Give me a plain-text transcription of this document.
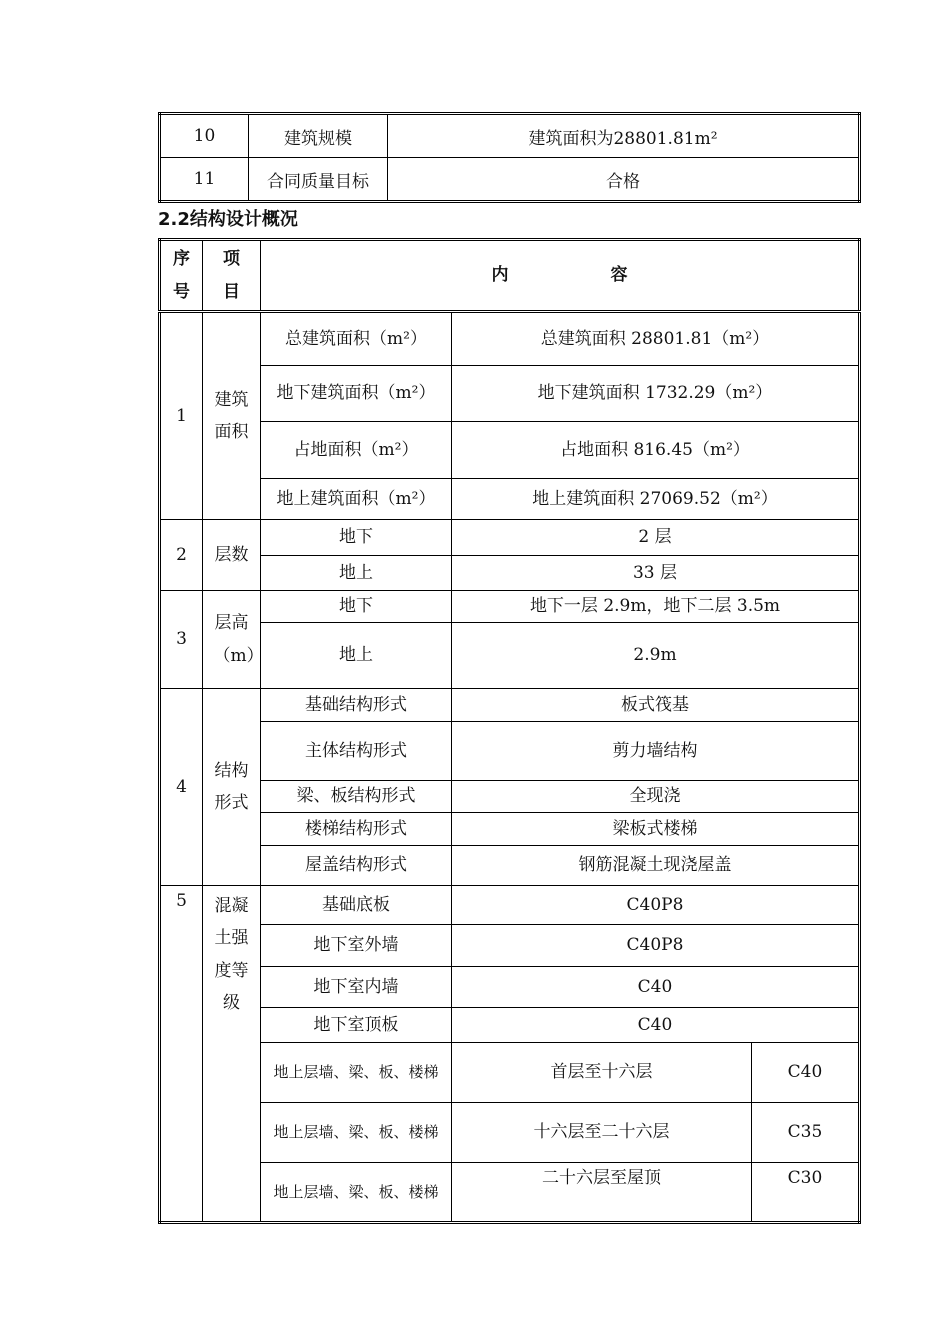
10	建筑规模	建筑面积为28801.81m²
11	合同质量目标	合格
2.2结构设计概况
序号	项目	内　　　　　　容		
1	建筑面积	总建筑面积（m²）	总建筑面积 28801.81（m²）	
		地下建筑面积（m²）	地下建筑面积 1732.29（m²）	
		占地面积（m²）	占地面积 816.45（m²）	
		地上建筑面积（m²）	地上建筑面积 27069.52（m²）	
2	层数	地下	2 层	
		地上	33 层	
3	层高（m）	地下	地下一层 2.9m，地下二层 3.5m	
		地上	2.9m	
4	结构形式	基础结构形式	板式筏基	
		主体结构形式	剪力墙结构	
		梁、板结构形式	全现浇	
		楼梯结构形式	梁板式楼梯	
		屋盖结构形式	钢筋混凝土现浇屋盖	
5	混凝土强度等级	基础底板	C40P8	
		地下室外墙	C40P8	
		地下室内墙	C40	
		地下室顶板	C40	
		地上层墙、梁、板、楼梯	首层至十六层	C40
		地上层墙、梁、板、楼梯	十六层至二十六层	C35
		地上层墙、梁、板、楼梯	二十六层至屋顶	C30
